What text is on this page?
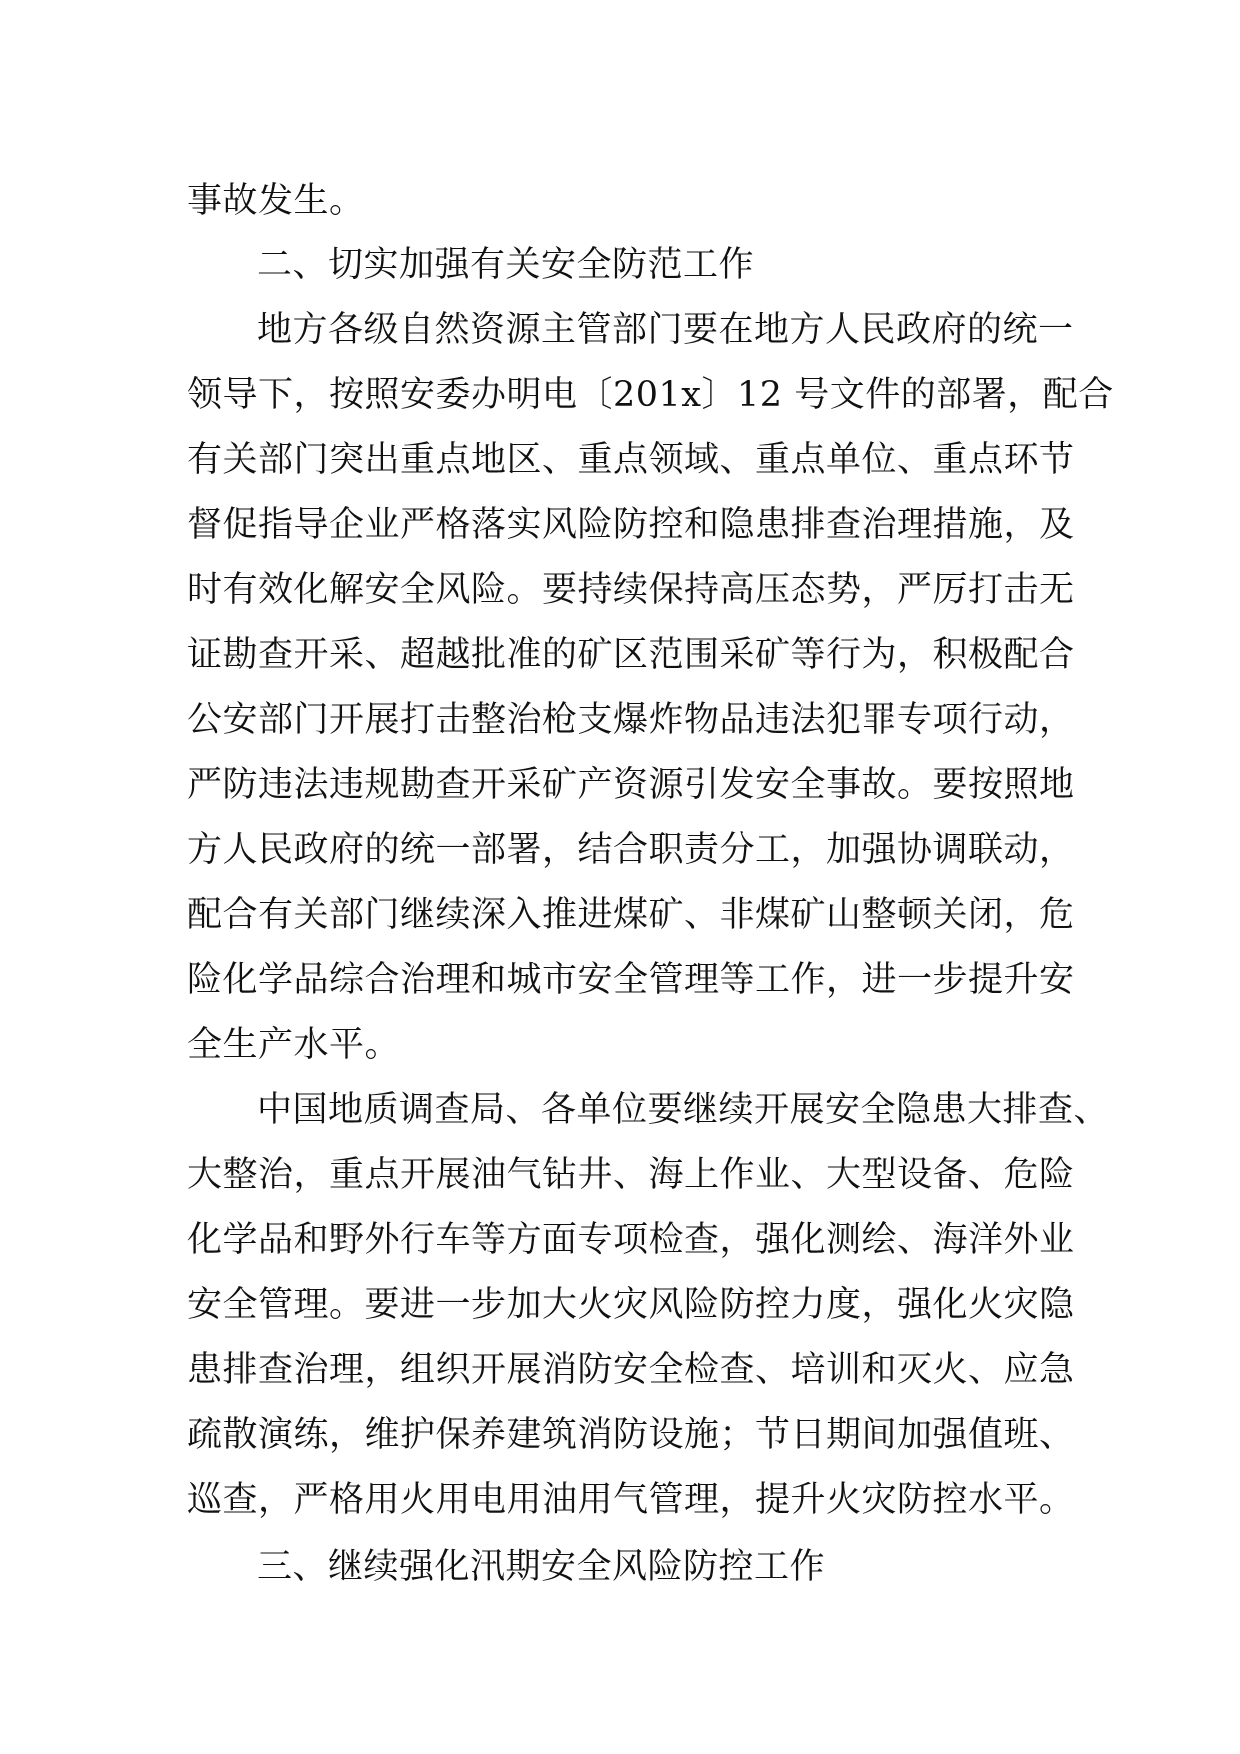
事故发生。
二、切实加强有关安全防范工作
地方各级自然资源主管部门要在地方人民政府的统一
领导下，按照安委办明电〔201x〕12 号文件的部署，配合
有关部门突出重点地区、重点领域、重点单位、重点环节
督促指导企业严格落实风险防控和隐患排查治理措施，及
时有效化解安全风险。要持续保持高压态势，严厉打击无
证勘查开采、超越批准的矿区范围采矿等行为，积极配合
公安部门开展打击整治枪支爆炸物品违法犯罪专项行动，
严防违法违规勘查开采矿产资源引发安全事故。要按照地
方人民政府的统一部署，结合职责分工，加强协调联动，
配合有关部门继续深入推进煤矿、非煤矿山整顿关闭，危
险化学品综合治理和城市安全管理等工作，进一步提升安
全生产水平。
中国地质调查局、各单位要继续开展安全隐患大排查、
大整治，重点开展油气钻井、海上作业、大型设备、危险
化学品和野外行车等方面专项检查，强化测绘、海洋外业
安全管理。要进一步加大火灾风险防控力度，强化火灾隐
患排查治理，组织开展消防安全检查、培训和灭火、应急
疏散演练，维护保养建筑消防设施；节日期间加强值班、
巡查，严格用火用电用油用气管理，提升火灾防控水平。
三、继续强化汛期安全风险防控工作
